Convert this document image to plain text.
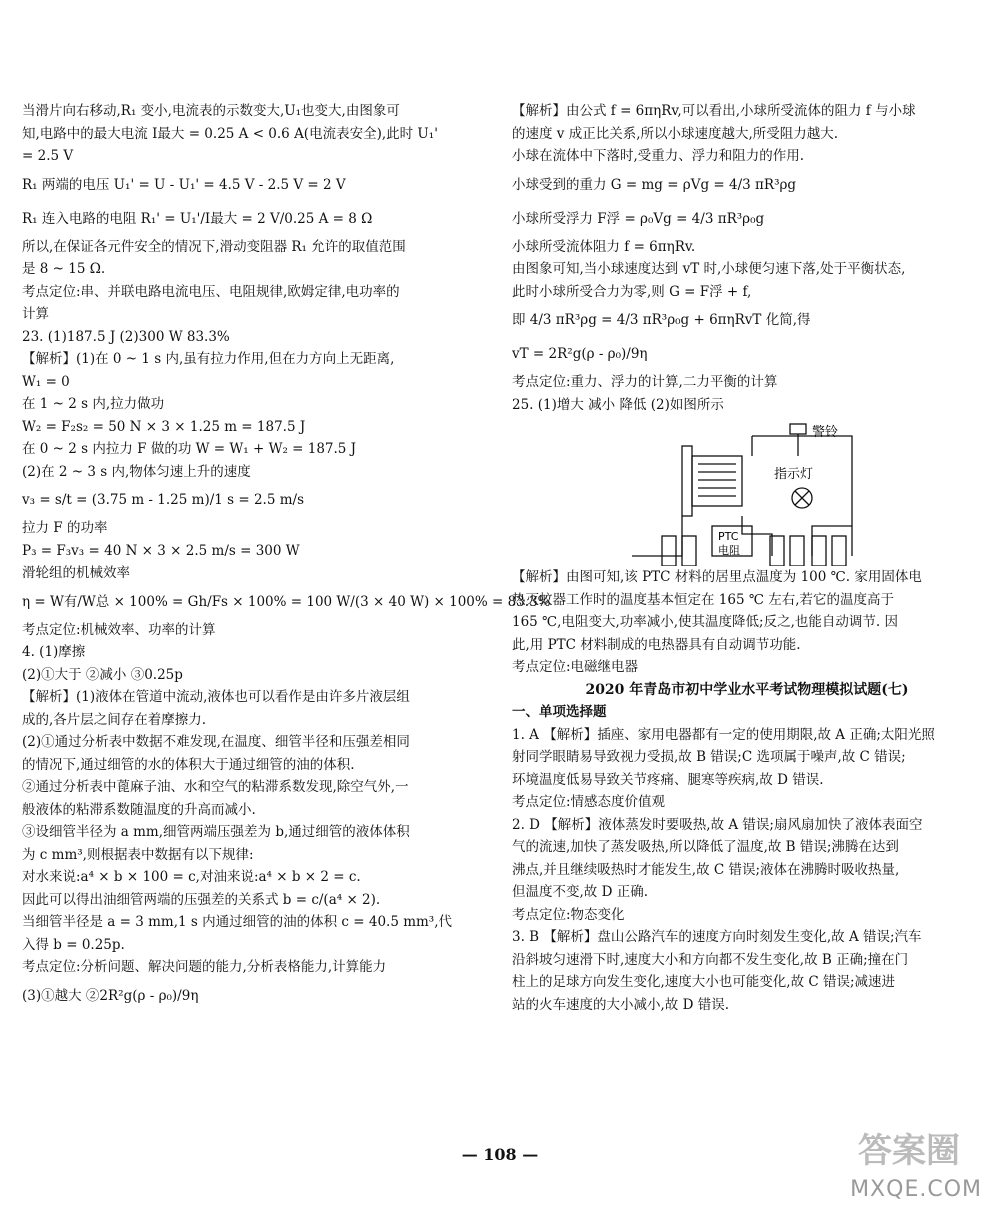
当滑片向右移动,R₁ 变小,电流表的示数变大,U₁也变大,由图象可
知,电路中的最大电流 I最大 = 0.25 A < 0.6 A(电流表安全),此时 U₁'
= 2.5 V
R₁ 两端的电压 U₁' = U - U₁' = 4.5 V - 2.5 V = 2 V
R₁ 连入电路的电阻 R₁' = U₁'/I最大 = 2 V/0.25 A = 8 Ω
所以,在保证各元件安全的情况下,滑动变阻器 R₁ 允许的取值范围
是 8 ~ 15 Ω.
考点定位:串、并联电路电流电压、电阻规律,欧姆定律,电功率的
计算
23. (1)187.5 J (2)300 W 83.3%
【解析】(1)在 0 ~ 1 s 内,虽有拉力作用,但在力方向上无距离,
W₁ = 0
在 1 ~ 2 s 内,拉力做功
W₂ = F₂s₂ = 50 N × 3 × 1.25 m = 187.5 J
在 0 ~ 2 s 内拉力 F 做的功 W = W₁ + W₂ = 187.5 J
(2)在 2 ~ 3 s 内,物体匀速上升的速度
v₃ = s/t = (3.75 m - 1.25 m)/1 s = 2.5 m/s
拉力 F 的功率
P₃ = F₃v₃ = 40 N × 3 × 2.5 m/s = 300 W
滑轮组的机械效率
η = W有/W总 × 100% = Gh/Fs × 100% = 100 W/(3 × 40 W) × 100% = 83.3%
考点定位:机械效率、功率的计算
4. (1)摩擦
(2)①大于 ②减小 ③0.25p
【解析】(1)液体在管道中流动,液体也可以看作是由许多片液层组
成的,各片层之间存在着摩擦力.
(2)①通过分析表中数据不难发现,在温度、细管半径和压强差相同
的情况下,通过细管的水的体积大于通过细管的油的体积.
②通过分析表中蓖麻子油、水和空气的粘滞系数发现,除空气外,一
般液体的粘滞系数随温度的升高而减小.
③设细管半径为 a mm,细管两端压强差为 b,通过细管的液体体积
为 c mm³,则根据表中数据有以下规律:
对水来说:a⁴ × b × 100 = c,对油来说:a⁴ × b × 2 = c.
因此可以得出油细管两端的压强差的关系式 b = c/(a⁴ × 2).
当细管半径是 a = 3 mm,1 s 内通过细管的油的体积 c = 40.5 mm³,代
入得 b = 0.25p.
考点定位:分析问题、解决问题的能力,分析表格能力,计算能力
(3)①越大 ②2R²g(ρ - ρ₀)/9η
【解析】由公式 f = 6πηRv,可以看出,小球所受流体的阻力 f 与小球
的速度 v 成正比关系,所以小球速度越大,所受阻力越大.
小球在流体中下落时,受重力、浮力和阻力的作用.
小球受到的重力 G = mg = ρVg = 4/3 πR³ρg
小球所受浮力 F浮 = ρ₀Vg = 4/3 πR³ρ₀g
小球所受流体阻力 f = 6πηRv.
由图象可知,当小球速度达到 vT 时,小球便匀速下落,处于平衡状态,
此时小球所受合力为零,则 G = F浮 + f,
即 4/3 πR³ρg = 4/3 πR³ρ₀g + 6πηRvT 化简,得
vT = 2R²g(ρ - ρ₀)/9η
考点定位:重力、浮力的计算,二力平衡的计算
25. (1)增大 减小 降低 (2)如图所示
警铃
指示灯
PTC
电阻
【解析】由图可知,该 PTC 材料的居里点温度为 100 ℃. 家用固体电
热灭蚊器工作时的温度基本恒定在 165 ℃ 左右,若它的温度高于
165 ℃,电阻变大,功率减小,使其温度降低;反之,也能自动调节. 因
此,用 PTC 材料制成的电热器具有自动调节功能.
考点定位:电磁继电器
2020 年青岛市初中学业水平考试物理模拟试题(七)
一、单项选择题
1. A 【解析】插座、家用电器都有一定的使用期限,故 A 正确;太阳光照
射同学眼睛易导致视力受损,故 B 错误;C 选项属于噪声,故 C 错误;
环境温度低易导致关节疼痛、腿寒等疾病,故 D 错误.
考点定位:情感态度价值观
2. D 【解析】液体蒸发时要吸热,故 A 错误;扇风扇加快了液体表面空
气的流速,加快了蒸发吸热,所以降低了温度,故 B 错误;沸腾在达到
沸点,并且继续吸热时才能发生,故 C 错误;液体在沸腾时吸收热量,
但温度不变,故 D 正确.
考点定位:物态变化
3. B 【解析】盘山公路汽车的速度方向时刻发生变化,故 A 错误;汽车
沿斜坡匀速滑下时,速度大小和方向都不发生变化,故 B 正确;撞在门
柱上的足球方向发生变化,速度大小也可能变化,故 C 错误;减速进
站的火车速度的大小减小,故 D 错误.
— 108 —	答案圈
MXQE.COM
